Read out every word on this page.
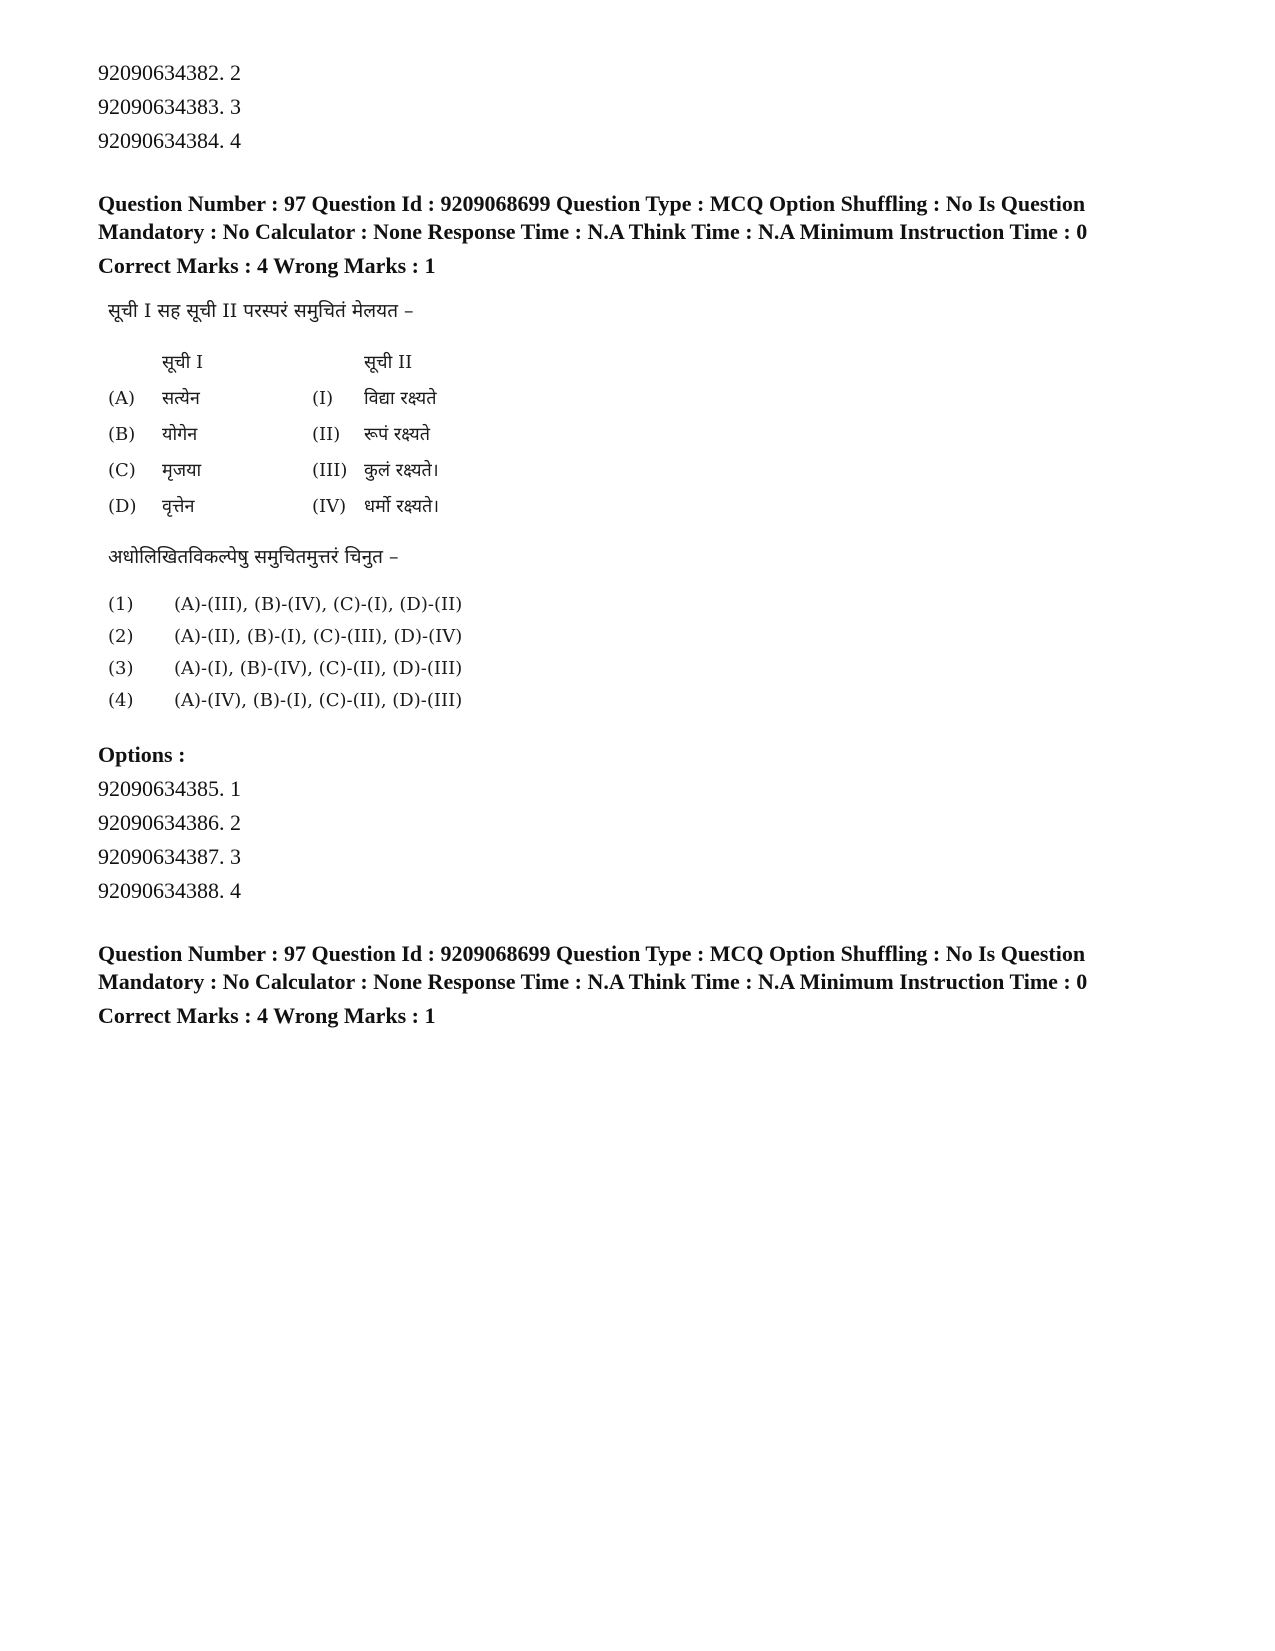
92090634382. 2
92090634383. 3
92090634384. 4
Question Number : 97 Question Id : 9209068699 Question Type : MCQ Option Shuffling : No Is Question Mandatory : No Calculator : None Response Time : N.A Think Time : N.A Minimum Instruction Time : 0
Correct Marks : 4 Wrong Marks : 1
सूची I सह सूची II परस्परं समुचितं मेलयत –
	सूची I		सूची II
(A)	सत्येन	(I)	विद्या रक्ष्यते
(B)	योगेन	(II)	रूपं रक्ष्यते
(C)	मृजया	(III)	कुलं रक्ष्यते।
(D)	वृत्तेन	(IV)	धर्मो रक्ष्यते।
अधोलिखितविकल्पेषु समुचितमुत्तरं चिनुत –
(1)	(A)-(III), (B)-(IV), (C)-(I), (D)-(II)
(2)	(A)-(II), (B)-(I), (C)-(III), (D)-(IV)
(3)	(A)-(I), (B)-(IV), (C)-(II), (D)-(III)
(4)	(A)-(IV), (B)-(I), (C)-(II), (D)-(III)
Options :
92090634385. 1
92090634386. 2
92090634387. 3
92090634388. 4
Question Number : 97 Question Id : 9209068699 Question Type : MCQ Option Shuffling : No Is Question Mandatory : No Calculator : None Response Time : N.A Think Time : N.A Minimum Instruction Time : 0
Correct Marks : 4 Wrong Marks : 1
